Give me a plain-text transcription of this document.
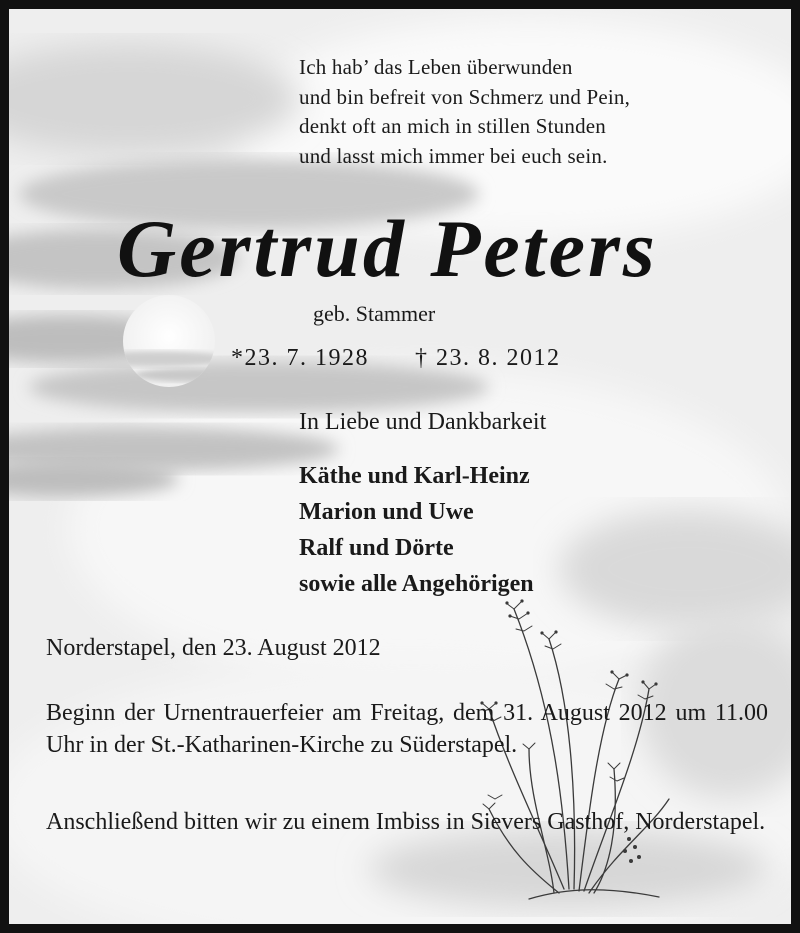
Ich hab’ das Leben überwunden
und bin befreit von Schmerz und Pein,
denkt oft an mich in stillen Stunden
und lasst mich immer bei euch sein.
Gertrud Peters
geb. Stammer
*23. 7. 1928 † 23. 8. 2012
In Liebe und Dankbarkeit
Käthe und Karl-Heinz
Marion und Uwe
Ralf und Dörte
sowie alle Angehörigen
Norderstapel, den 23. August 2012
Beginn der Urnentrauerfeier am Freitag, dem 31. August 2012 um 11.00 Uhr in der St.-Katharinen-Kirche zu Süderstapel.
Anschließend bitten wir zu einem Imbiss in Sievers Gasthof, Norderstapel.
